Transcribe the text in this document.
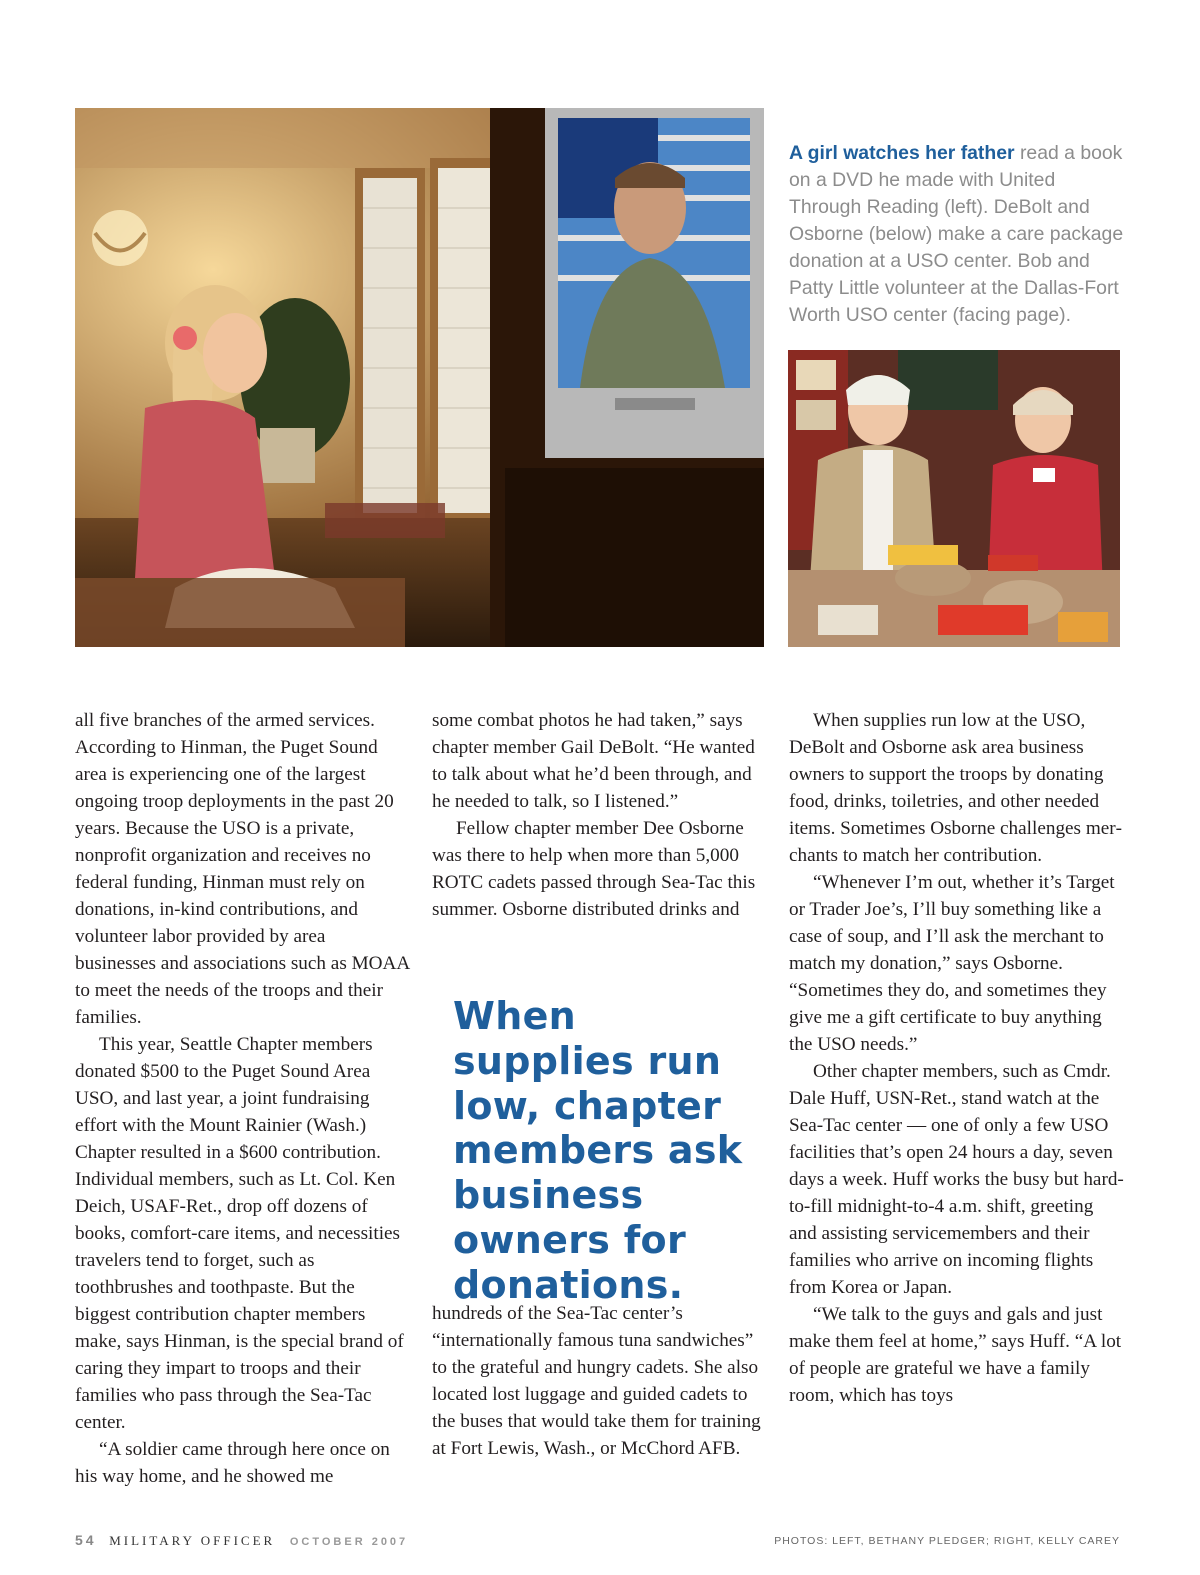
A girl watches her father read a book on a DVD he made with United Through Reading (left). DeBolt and Osborne (below) make a care package donation at a USO center. Bob and Patty Little volunteer at the Dallas-Fort Worth USO center (facing page).

all five branches of the armed services. According to Hinman, the Puget Sound area is experiencing one of the largest ongoing troop deployments in the past 20 years. Because the USO is a private, nonprofit organization and receives no federal funding, Hinman must rely on donations, in-kind contributions, and volunteer labor provided by area businesses and associations such as MOAA to meet the needs of the troops and their families.

This year, Seattle Chapter members donated $500 to the Puget Sound Area USO, and last year, a joint fundraising effort with the Mount Rainier (Wash.) Chapter resulted in a $600 contribution. Individual members, such as Lt. Col. Ken Deich, USAF-Ret., drop off dozens of books, comfort-care items, and necessities travelers tend to forget, such as toothbrushes and toothpaste. But the biggest contribution chapter members make, says Hinman, is the special brand of caring they impart to troops and their families who pass through the Sea-Tac center.

“A soldier came through here once on his way home, and he showed me

some combat photos he had taken,” says chapter member Gail DeBolt. “He wanted to talk about what he’d been through, and he needed to talk, so I listened.”

Fellow chapter member Dee Osborne was there to help when more than 5,000 ROTC cadets passed through Sea-Tac this summer. Osborne distributed drinks and

When supplies run low, chapter members ask business owners for donations.

hundreds of the Sea-Tac center’s “internationally famous tuna sandwiches” to the grateful and hungry cadets. She also located lost luggage and guided cadets to the buses that would take them for training at Fort Lewis, Wash., or McChord AFB.

When supplies run low at the USO, DeBolt and Osborne ask area business owners to support the troops by donating food, drinks, toiletries, and other needed items. Sometimes Osborne challenges merchants to match her contribution.

“Whenever I’m out, whether it’s Target or Trader Joe’s, I’ll buy something like a case of soup, and I’ll ask the merchant to match my donation,” says Osborne. “Sometimes they do, and sometimes they give me a gift certificate to buy anything the USO needs.”

Other chapter members, such as Cmdr. Dale Huff, USN-Ret., stand watch at the Sea-Tac center — one of only a few USO facilities that’s open 24 hours a day, seven days a week. Huff works the busy but hard-to-fill midnight-to-4 a.m. shift, greeting and assisting servicemembers and their families who arrive on incoming flights from Korea or Japan.

“We talk to the guys and gals and just make them feel at home,” says Huff. “A lot of people are grateful we have a family room, which has toys

54 MILITARY OFFICER OCTOBER 2007	PHOTOS: LEFT, BETHANY PLEDGER; RIGHT, KELLY CAREY
